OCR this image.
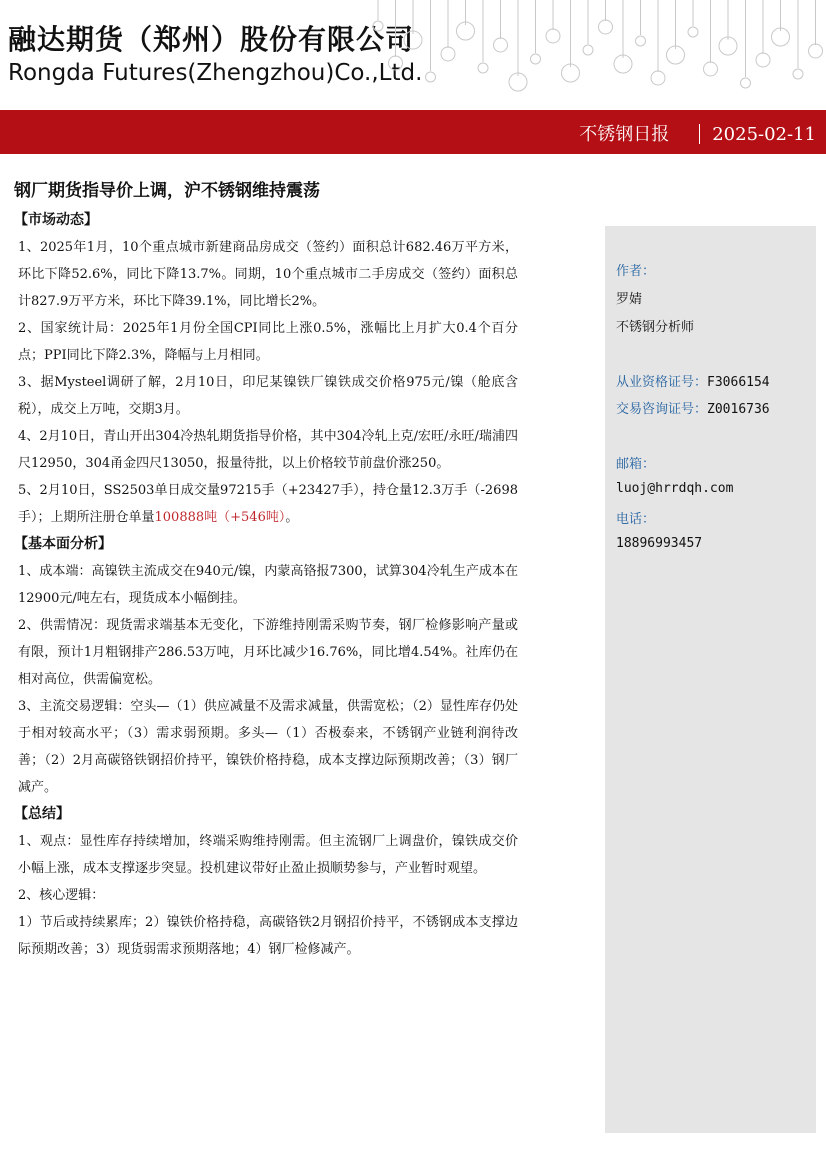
融达期货（郑州）股份有限公司
Rongda Futures(Zhengzhou)Co.,Ltd.
不锈钢日报 2025-02-11
钢厂期货指导价上调，沪不锈钢维持震荡
【市场动态】

1、2025年1月，10个重点城市新建商品房成交（签约）面积总计682.46万平方米，环比下降52.6%，同比下降13.7%。同期，10个重点城市二手房成交（签约）面积总计827.9万平方米，环比下降39.1%，同比增长2%。

2、国家统计局：2025年1月份全国CPI同比上涨0.5%，涨幅比上月扩大0.4个百分点；PPI同比下降2.3%，降幅与上月相同。

3、据Mysteel调研了解，2月10日，印尼某镍铁厂镍铁成交价格975元/镍（舱底含税），成交上万吨，交期3月。

4、2月10日，青山开出304冷热轧期货指导价格，其中304冷轧上克/宏旺/永旺/瑞浦四尺12950，304甬金四尺13050，报量待批，以上价格较节前盘价涨250。

5、2月10日，SS2503单日成交量97215手（+23427手），持仓量12.3万手（-2698手）；上期所注册仓单量100888吨（+546吨）。

【基本面分析】

1、成本端：高镍铁主流成交在940元/镍，内蒙高铬报7300，试算304冷轧生产成本在12900元/吨左右，现货成本小幅倒挂。

2、供需情况：现货需求端基本无变化，下游维持刚需采购节奏，钢厂检修影响产量或有限，预计1月粗钢排产286.53万吨，月环比减少16.76%，同比增4.54%。社库仍在相对高位，供需偏宽松。

3、主流交易逻辑：空头—（1）供应减量不及需求减量，供需宽松；（2）显性库存仍处于相对较高水平；（3）需求弱预期。多头—（1）否极泰来，不锈钢产业链利润待改善；（2）2月高碳铬铁钢招价持平，镍铁价格持稳，成本支撑边际预期改善；（3）钢厂减产。

【总结】

1、观点：显性库存持续增加，终端采购维持刚需。但主流钢厂上调盘价，镍铁成交价小幅上涨，成本支撑逐步突显。投机建议带好止盈止损顺势参与，产业暂时观望。

2、核心逻辑：

1）节后或持续累库；2）镍铁价格持稳，高碳铬铁2月钢招价持平，不锈钢成本支撑边际预期改善；3）现货弱需求预期落地；4）钢厂检修减产。

作者：
罗婧
不锈钢分析师
从业资格证号：F3066154
交易咨询证号：Z0016736
邮箱：
luoj@hrrdqh.com
电话：
18896993457
